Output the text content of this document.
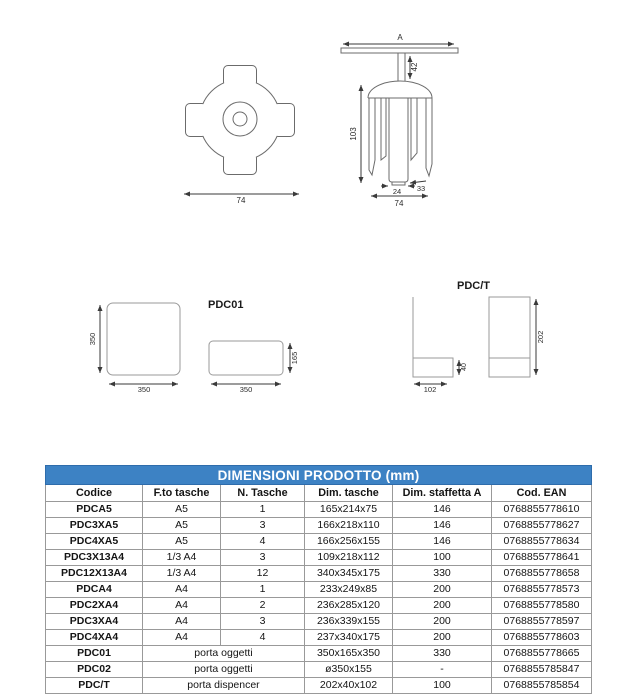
74
A
42
103
24 33
74
PDC01
350
350
165
350
PDC/T
40
102
202
DIMENSIONI PRODOTTO (mm)					
Codice	F.to tasche	N. Tasche	Dim. tasche	Dim. staffetta A	Cod. EAN
PDCA5	A5	1	165x214x75	146	0768855778610
PDC3XA5	A5	3	166x218x110	146	0768855778627
PDC4XA5	A5	4	166x256x155	146	0768855778634
PDC3X13A4	1/3 A4	3	109x218x112	100	0768855778641
PDC12X13A4	1/3 A4	12	340x345x175	330	0768855778658
PDCA4	A4	1	233x249x85	200	0768855778573
PDC2XA4	A4	2	236x285x120	200	0768855778580
PDC3XA4	A4	3	236x339x155	200	0768855778597
PDC4XA4	A4	4	237x340x175	200	0768855778603
PDC01	porta oggetti		350x165x350	330	0768855778665
PDC02	porta oggetti		ø350x155	-	0768855785847
PDC/T	porta dispencer		202x40x102	100	0768855785854
